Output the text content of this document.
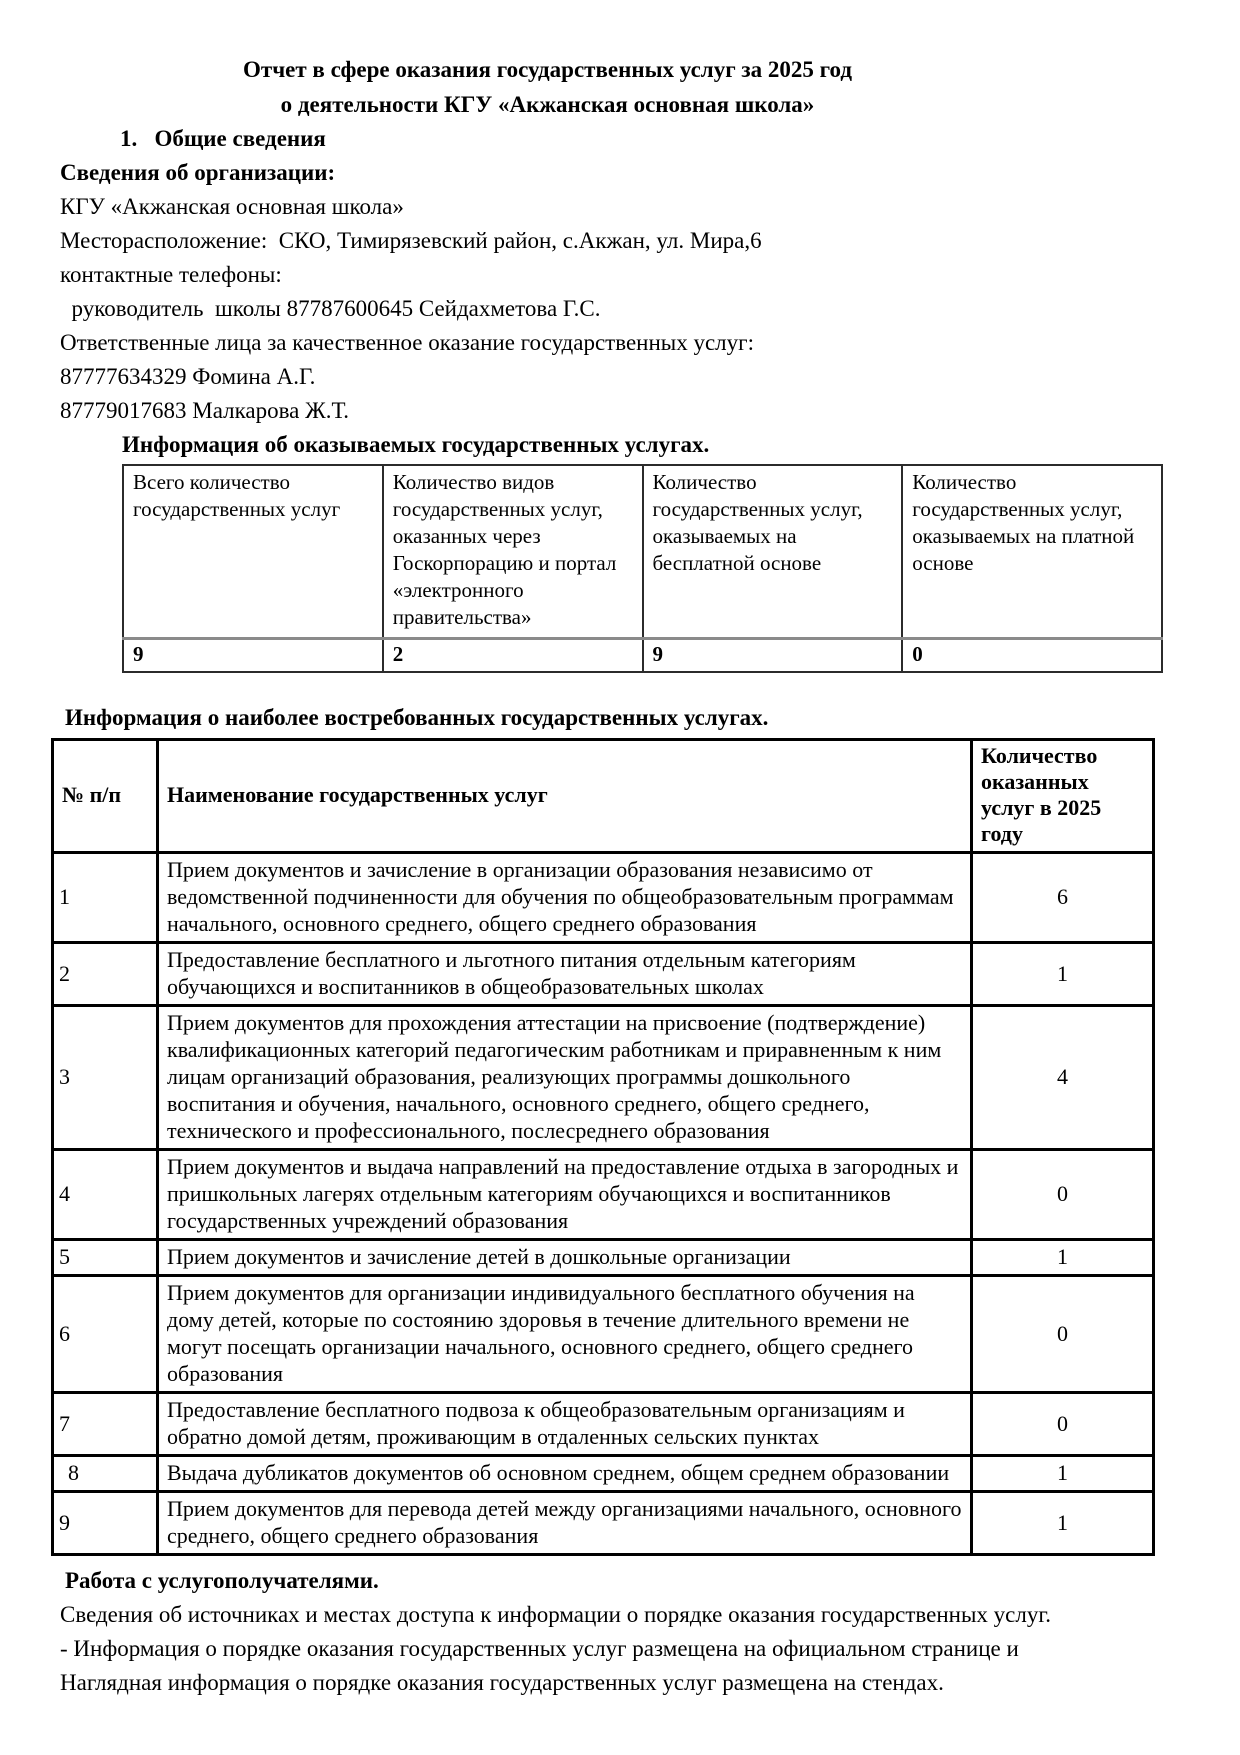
Отчет в сфере оказания государственных услуг за 2025 год
о деятельности КГУ «Акжанская основная школа»
1.   Общие сведения
Сведения об организации:
КГУ «Акжанская основная школа»
Месторасположение:  СКО, Тимирязевский район, с.Акжан, ул. Мира,6
контактные телефоны:
руководитель  школы 87787600645 Сейдахметова Г.С.
Ответственные лица за качественное оказание государственных услуг:
87777634329 Фомина А.Г.
87779017683 Малкарова Ж.Т.
Информация об оказываемых государственных услугах.
Всего количество государственных услуг	Количество видов государственных услуг, оказанных через Госкорпорацию и портал «электронного правительства»	Количество государственных услуг, оказываемых на бесплатной основе	Количество государственных услуг, оказываемых на платной основе
9	2	9	0
Информация о наиболее востребованных государственных услугах.
№ п/п	Наименование государственных услуг	Количество оказанных услуг в 2025 году
1	Прием документов и зачисление в организации образования независимо от ведомственной подчиненности для обучения по общеобразовательным программам начального, основного среднего, общего среднего образования	6
2	Предоставление бесплатного и льготного питания отдельным категориям обучающихся и воспитанников в общеобразовательных школах	1
3	Прием документов для прохождения аттестации на присвоение (подтверждение) квалификационных категорий педагогическим работникам и приравненным к ним лицам организаций образования, реализующих программы дошкольного воспитания и обучения, начального, основного среднего, общего среднего, технического и профессионального, послесреднего образования	4
4	Прием документов и выдача направлений на предоставление отдыха в загородных и пришкольных лагерях отдельным категориям обучающихся и воспитанников государственных учреждений образования	0
5	Прием документов и зачисление детей в дошкольные организации	1
6	Прием документов для организации индивидуального бесплатного обучения на дому детей, которые по состоянию здоровья в течение длительного времени не могут посещать организации начального, основного среднего, общего среднего образования	0
7	Предоставление бесплатного подвоза к общеобразовательным организациям и обратно домой детям, проживающим в отдаленных сельских пунктах	0
8	Выдача дубликатов документов об основном среднем, общем среднем образовании	1
9	Прием документов для перевода детей между организациями начального, основного среднего, общего среднего образования	1
Работа с услугополучателями.
Сведения об источниках и местах доступа к информации о порядке оказания государственных услуг.
- Информация о порядке оказания государственных услуг размещена на официальном странице и
Наглядная информация о порядке оказания государственных услуг размещена на стендах.
